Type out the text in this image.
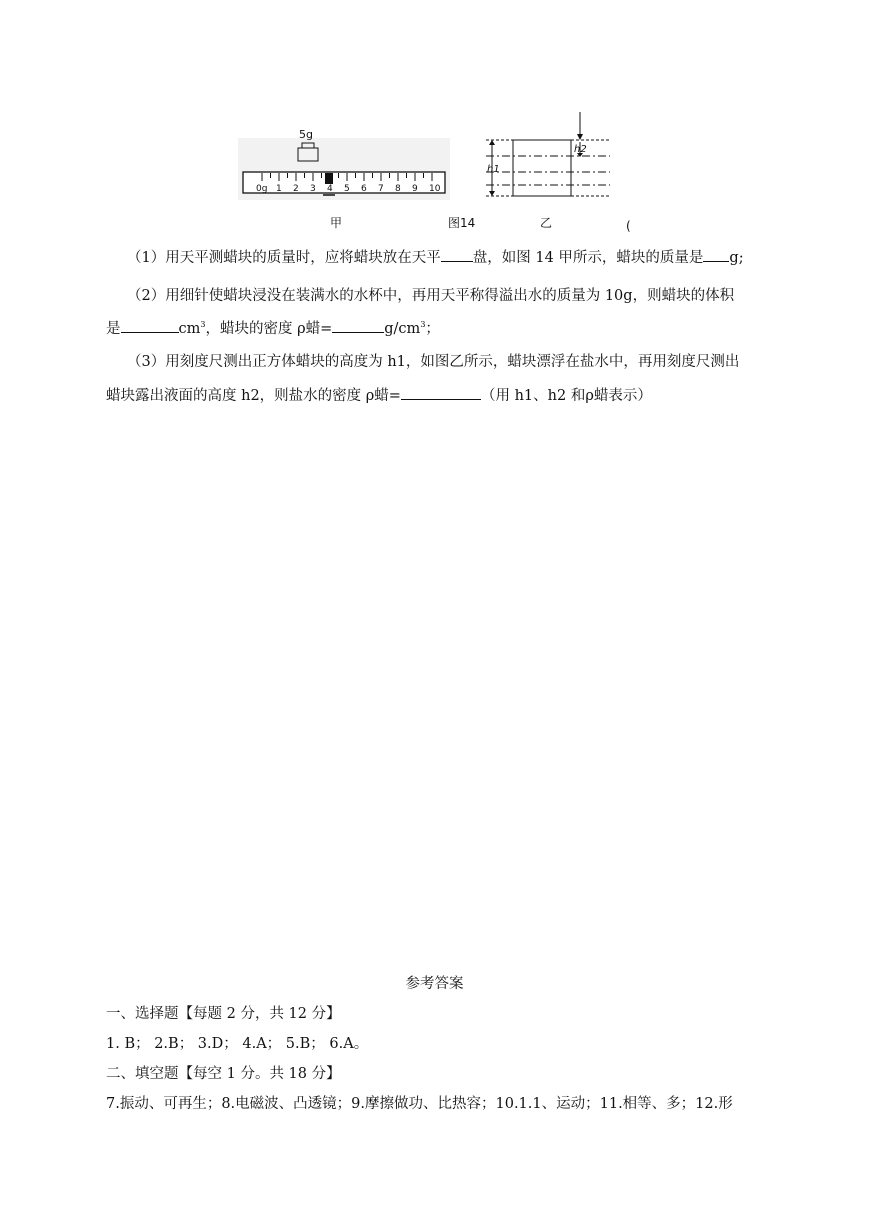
5g
0g 1 2 3 4 5 6 7 8 9 10
h1
h2
甲	图14	乙	(
（1）用天平测蜡块的质量时，应将蜡块放在天平 盘，如图 14 甲所示，蜡块的质量是 g;
（2）用细针使蜡块浸没在装满水的水杯中，再用天平称得溢出水的质量为 10g，则蜡块的体积
是	$cm^3$，蜡块的密度 ρ蜡=	$g/cm^3$；
（3）用刻度尺测出正方体蜡块的高度为 h1，如图乙所示，蜡块漂浮在盐水中，再用刻度尺测出
蜡块露出液面的高度 h2，则盐水的密度 ρ蜡=	（用 h1、h2 和ρ蜡表示）
参考答案
一、选择题【每题 2 分，共 12 分】
1. B； 2.B； 3.D； 4.A； 5.B； 6.A。
二、填空题【每空 1 分。共 18 分】
7.振动、可再生；8.电磁波、凸透镜；9.摩擦做功、比热容；10.1.1、运动；11.相等、多；12.形
